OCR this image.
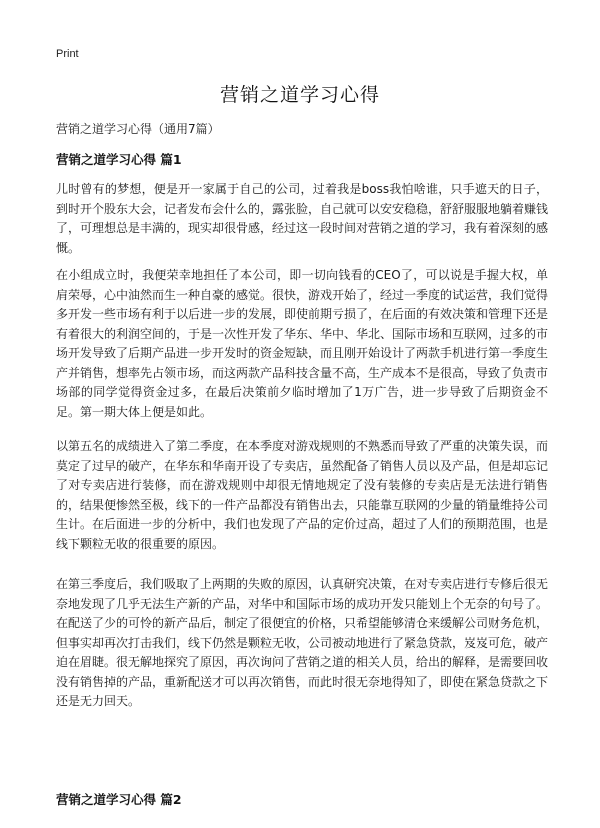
Print
营销之道学习心得
营销之道学习心得（通用7篇）
营销之道学习心得 篇1

儿时曾有的梦想，便是开一家属于自己的公司，过着我是boss我怕啥谁，只手遮天的日子，到时开个股东大会，记者发布会什么的，露张脸，自己就可以安安稳稳，舒舒服服地躺着赚钱了，可理想总是丰满的，现实却很骨感，经过这一段时间对营销之道的学习，我有着深刻的感慨。

在小组成立时，我便荣幸地担任了本公司，即一切向钱看的CEO了，可以说是手握大权，单肩荣辱，心中油然而生一种自豪的感觉。很快，游戏开始了，经过一季度的试运营，我们觉得多开发一些市场有利于以后进一步的发展，即使前期亏损了，在后面的有效决策和管理下还是有着很大的利润空间的，于是一次性开发了华东、华中、华北、国际市场和互联网，过多的市场开发导致了后期产品进一步开发时的资金短缺，而且刚开始设计了两款手机进行第一季度生产并销售，想率先占领市场，而这两款产品科技含量不高，生产成本不是很高，导致了负责市场部的同学觉得资金过多，在最后决策前夕临时增加了1万广告，进一步导致了后期资金不足。第一期大体上便是如此。

以第五名的成绩进入了第二季度，在本季度对游戏规则的不熟悉而导致了严重的决策失误，而莫定了过早的破产，在华东和华南开设了专卖店，虽然配备了销售人员以及产品，但是却忘记了对专卖店进行装修，而在游戏规则中却很无情地规定了没有装修的专卖店是无法进行销售的，结果便惨然至极，线下的一件产品都没有销售出去，只能靠互联网的少量的销量维持公司生计。在后面进一步的分析中，我们也发现了产品的定价过高，超过了人们的预期范围，也是线下颗粒无收的很重要的原因。

在第三季度后，我们吸取了上两期的失败的原因，认真研究决策，在对专卖店进行专修后很无奈地发现了几乎无法生产新的产品，对华中和国际市场的成功开发只能划上个无奈的句号了。在配送了少的可怜的新产品后，制定了很便宜的价格，只希望能够清仓来缓解公司财务危机，但事实却再次打击我们，线下仍然是颗粒无收，公司被动地进行了紧急贷款，岌岌可危，破产迫在眉睫。很无解地探究了原因，再次询问了营销之道的相关人员，给出的解释，是需要回收没有销售掉的产品，重新配送才可以再次销售，而此时很无奈地得知了，即使在紧急贷款之下还是无力回天。

营销之道学习心得 篇2
